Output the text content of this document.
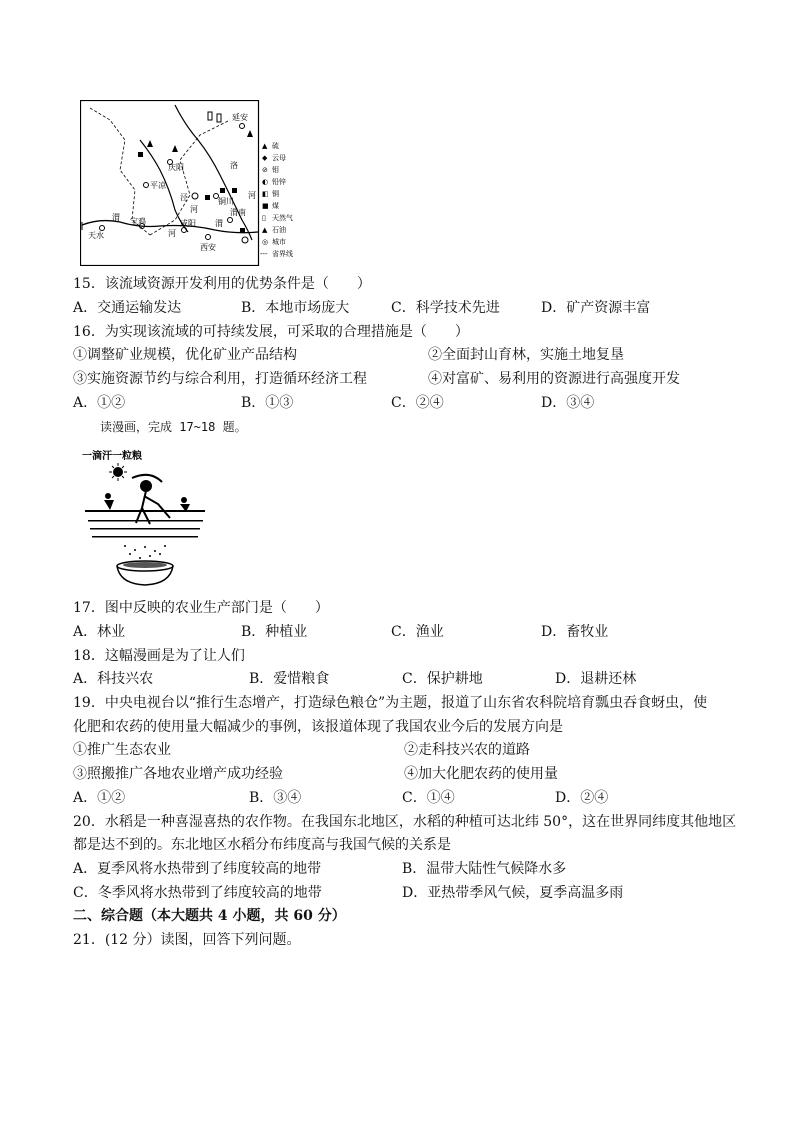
延安
庆阳
平凉
铜川
渭南
天水
宝鸡	咸阳
西安
洛
河
泾
河
渭
河
渭
▲ 硫
◆ 云母
⊘ 钼
◐ 铅锌
◧ 铜
■ 煤
▯ 天然气
▲ 石油
◎ 城市
--- 省界线
15．该流域资源开发利用的优势条件是（　　）
A．交通运输发达	B．本地市场庞大	C．科学技术先进	D．矿产资源丰富
16．为实现该流域的可持续发展，可采取的合理措施是（　　）
①调整矿业规模，优化矿业产品结构	②全面封山育林，实施土地复垦
③实施资源节约与综合利用，打造循环经济工程	④对富矿、易利用的资源进行高强度开发
A．①②	B．①③	C．②④	D．③④
读漫画，完成 17~18 题。
一滴汗一粒粮
17．图中反映的农业生产部门是（　　）
A．林业	B．种植业	C．渔业	D．畜牧业
18．这幅漫画是为了让人们
A．科技兴农	B．爱惜粮食	C．保护耕地	D．退耕还林
19．中央电视台以“推行生态增产，打造绿色粮仓”为主题，报道了山东省农科院培育瓢虫吞食蚜虫，使
化肥和农药的使用量大幅减少的事例，该报道体现了我国农业今后的发展方向是
①推广生态农业	②走科技兴农的道路
③照搬推广各地农业增产成功经验	④加大化肥农药的使用量
A．①②	B．③④	C．①④	D．②④
20．水稻是一种喜湿喜热的农作物。在我国东北地区，水稻的种植可达北纬 50°，这在世界同纬度其他地区
都是达不到的。东北地区水稻分布纬度高与我国气候的关系是
A．夏季风将水热带到了纬度较高的地带	B．温带大陆性气候降水多
C．冬季风将水热带到了纬度较高的地带	D．亚热带季风气候，夏季高温多雨
二、综合题（本大题共 4 小题，共 60 分）
21．(12 分）读图，回答下列问题。
